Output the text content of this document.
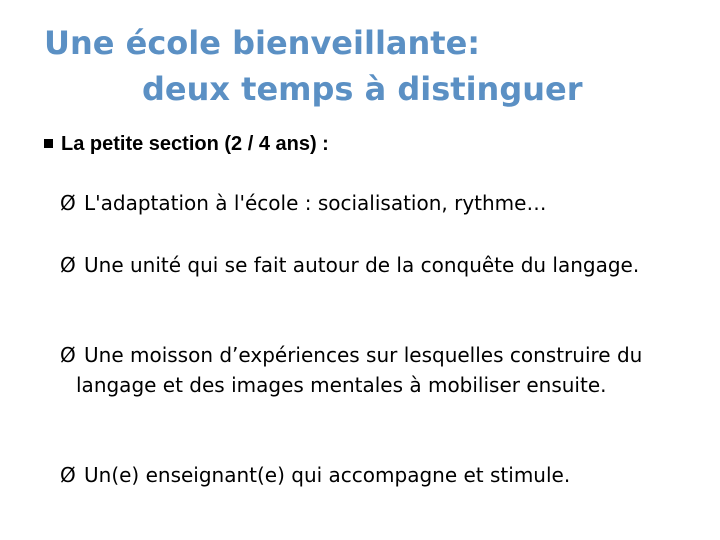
Une école bienveillante:
deux temps à distinguer
La petite section (2 / 4 ans) :
Ø L'adaptation à l'école : socialisation, rythme…
Ø Une unité qui se fait autour de la conquête du langage.
Ø Une moisson d’expériences sur lesquelles construire du langage et des images mentales à mobiliser ensuite.
Ø Un(e) enseignant(e) qui accompagne et stimule.
